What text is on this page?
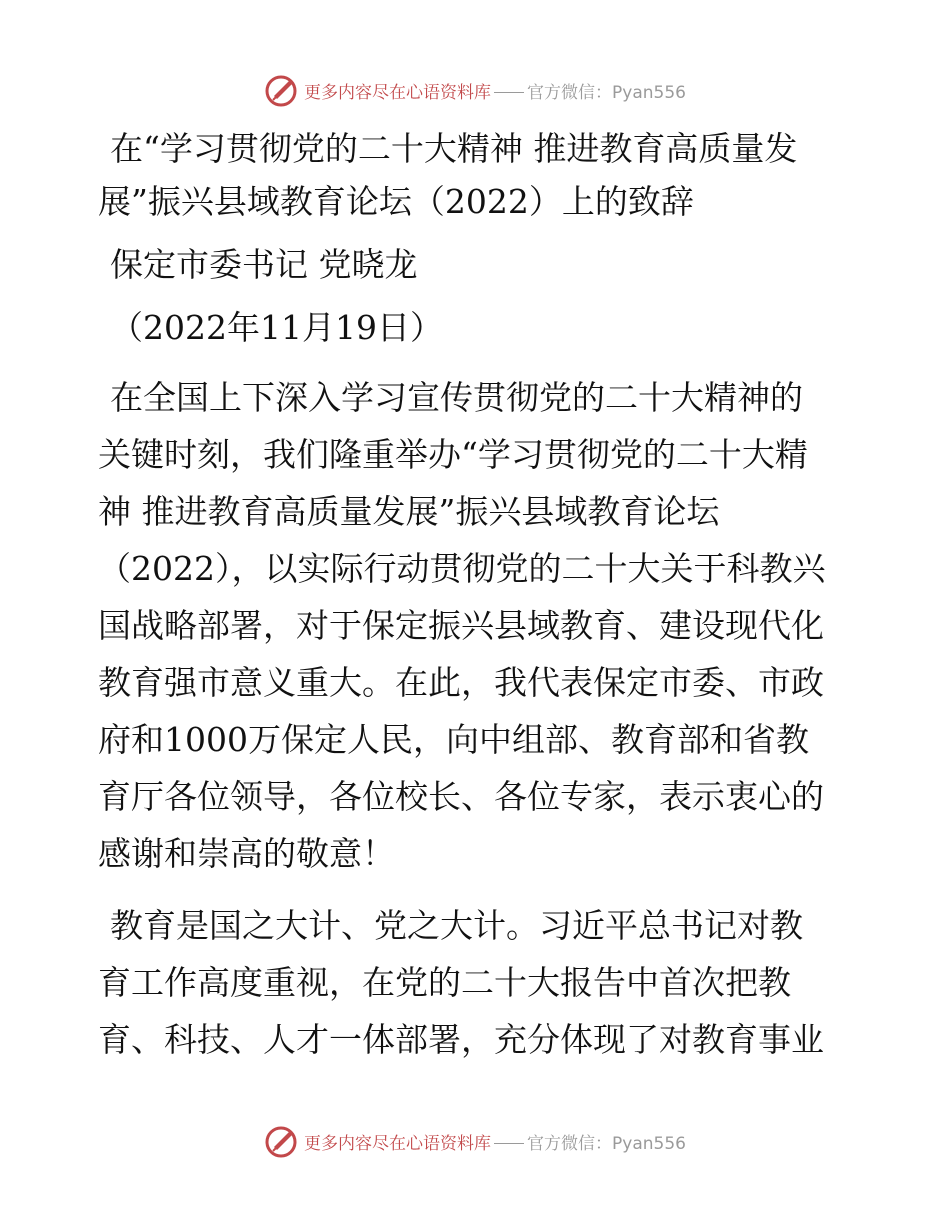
更多内容尽在心语资料库 官方微信：Pyan556

在“学习贯彻党的二十大精神 推进教育高质量发

展”振兴县域教育论坛（2022）上的致辞

保定市委书记 党晓龙

（2022年11月19日）

在全国上下深入学习宣传贯彻党的二十大精神的
关键时刻，我们隆重举办“学习贯彻党的二十大精
神 推进教育高质量发展”振兴县域教育论坛
（2022），以实际行动贯彻党的二十大关于科教兴
国战略部署，对于保定振兴县域教育、建设现代化
教育强市意义重大。在此，我代表保定市委、市政
府和1000万保定人民，向中组部、教育部和省教
育厅各位领导，各位校长、各位专家，表示衷心的
感谢和崇高的敬意！
教育是国之大计、党之大计。习近平总书记对教
育工作高度重视，在党的二十大报告中首次把教
育、科技、人才一体部署，充分体现了对教育事业
更多内容尽在心语资料库 官方微信：Pyan556
